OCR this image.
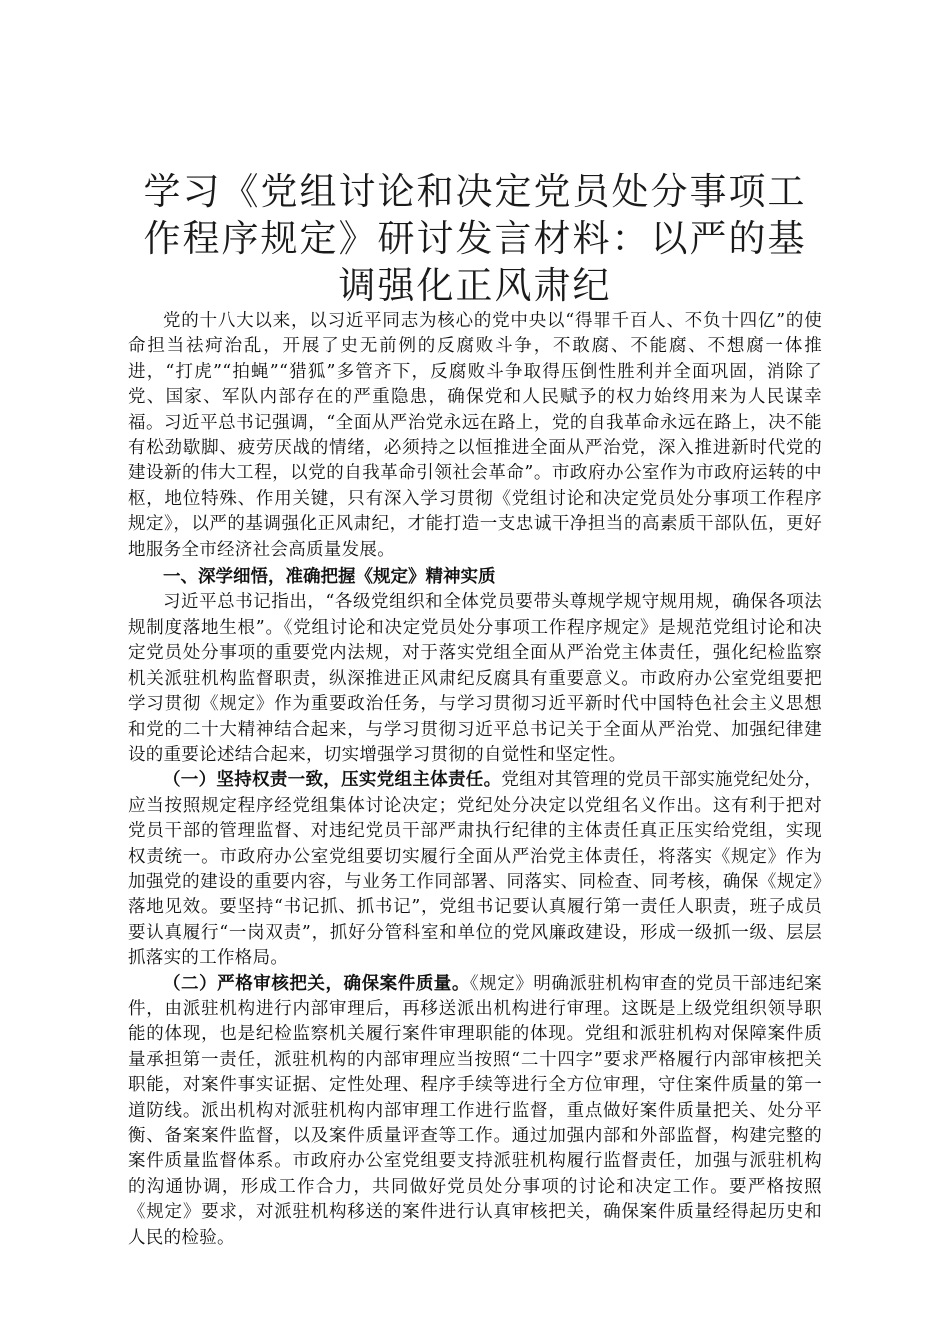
学习《党组讨论和决定党员处分事项工作程序规定》研讨发言材料：以严的基调强化正风肃纪

党的十八大以来，以习近平同志为核心的党中央以“得罪千百人、不负十四亿”的使命担当祛疴治乱，开展了史无前例的反腐败斗争，不敢腐、不能腐、不想腐一体推进，“打虎”“拍蝇”“猎狐”多管齐下，反腐败斗争取得压倒性胜利并全面巩固，消除了党、国家、军队内部存在的严重隐患，确保党和人民赋予的权力始终用来为人民谋幸福。习近平总书记强调，“全面从严治党永远在路上，党的自我革命永远在路上，决不能有松劲歇脚、疲劳厌战的情绪，必须持之以恒推进全面从严治党，深入推进新时代党的建设新的伟大工程，以党的自我革命引领社会革命”。市政府办公室作为市政府运转的中枢，地位特殊、作用关键，只有深入学习贯彻《党组讨论和决定党员处分事项工作程序规定》，以严的基调强化正风肃纪，才能打造一支忠诚干净担当的高素质干部队伍，更好地服务全市经济社会高质量发展。

一、深学细悟，准确把握《规定》精神实质

习近平总书记指出，“各级党组织和全体党员要带头尊规学规守规用规，确保各项法规制度落地生根”。《党组讨论和决定党员处分事项工作程序规定》是规范党组讨论和决定党员处分事项的重要党内法规，对于落实党组全面从严治党主体责任，强化纪检监察机关派驻机构监督职责，纵深推进正风肃纪反腐具有重要意义。市政府办公室党组要把学习贯彻《规定》作为重要政治任务，与学习贯彻习近平新时代中国特色社会主义思想和党的二十大精神结合起来，与学习贯彻习近平总书记关于全面从严治党、加强纪律建设的重要论述结合起来，切实增强学习贯彻的自觉性和坚定性。

（一）坚持权责一致，压实党组主体责任。党组对其管理的党员干部实施党纪处分，应当按照规定程序经党组集体讨论决定；党纪处分决定以党组名义作出。这有利于把对党员干部的管理监督、对违纪党员干部严肃执行纪律的主体责任真正压实给党组，实现权责统一。市政府办公室党组要切实履行全面从严治党主体责任，将落实《规定》作为加强党的建设的重要内容，与业务工作同部署、同落实、同检查、同考核，确保《规定》落地见效。要坚持“书记抓、抓书记”，党组书记要认真履行第一责任人职责，班子成员要认真履行“一岗双责”，抓好分管科室和单位的党风廉政建设，形成一级抓一级、层层抓落实的工作格局。

（二）严格审核把关，确保案件质量。《规定》明确派驻机构审查的党员干部违纪案件，由派驻机构进行内部审理后，再移送派出机构进行审理。这既是上级党组织领导职能的体现，也是纪检监察机关履行案件审理职能的体现。党组和派驻机构对保障案件质量承担第一责任，派驻机构的内部审理应当按照“二十四字”要求严格履行内部审核把关职能，对案件事实证据、定性处理、程序手续等进行全方位审理，守住案件质量的第一道防线。派出机构对派驻机构内部审理工作进行监督，重点做好案件质量把关、处分平衡、备案案件监督，以及案件质量评查等工作。通过加强内部和外部监督，构建完整的案件质量监督体系。市政府办公室党组要支持派驻机构履行监督责任，加强与派驻机构的沟通协调，形成工作合力，共同做好党员处分事项的讨论和决定工作。要严格按照《规定》要求，对派驻机构移送的案件进行认真审核把关，确保案件质量经得起历史和人民的检验。
